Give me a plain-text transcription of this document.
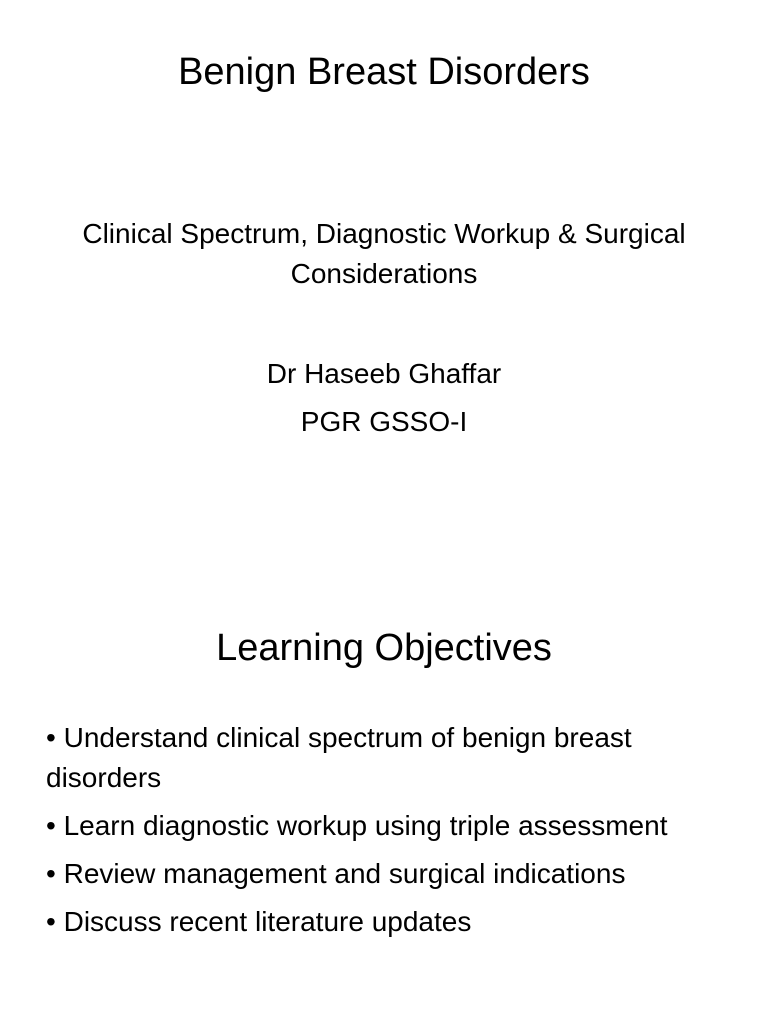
Benign Breast Disorders
Clinical Spectrum, Diagnostic Workup & Surgical Considerations
Dr Haseeb Ghaffar
PGR GSSO-I
Learning Objectives
• Understand clinical spectrum of benign breast disorders
• Learn diagnostic workup using triple assessment
• Review management and surgical indications
• Discuss recent literature updates
